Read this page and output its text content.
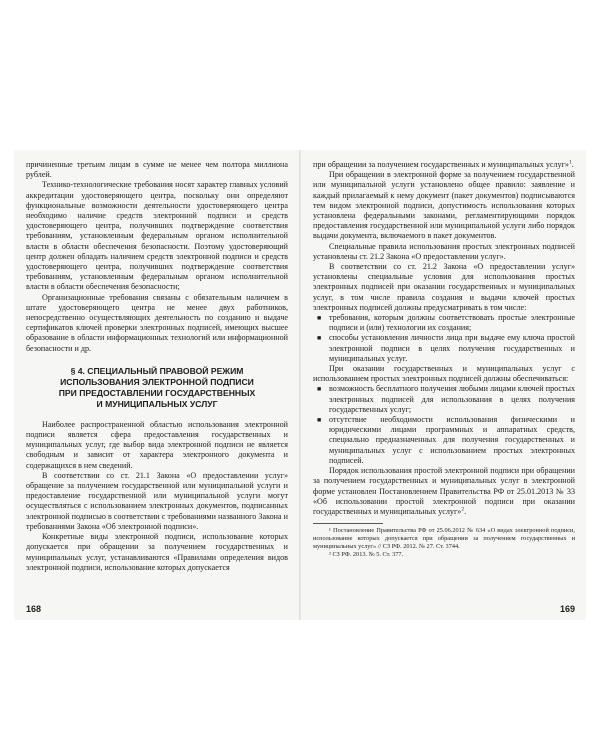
причиненные третьим лицам в сумме не менее чем полтора миллиона рублей.

Технико-технологические требования носят характер главных условий аккредитации удостоверяющего центра, поскольку они определяют функциональные возможности деятельности удостоверяющего центра необходимо наличие средств электронной подписи и средств удостоверяющего центра, получивших подтверждение соответствия требованиям, установленным федеральным органом исполнительной власти в области обеспечения безопасности. Поэтому удостоверяющий центр должен обладать наличием средств электронной подписи и средств удостоверяющего центра, получивших подтверждение соответствия требованиям, установленным федеральным органом исполнительной власти в области обеспечения безопасности;

Организационные требования связаны с обязательным наличием в штате удостоверяющего центра не менее двух работников, непосредственно осуществляющих деятельность по созданию и выдаче сертификатов ключей проверки электронных подписей, имеющих высшее образование в области информационных технологий или информационной безопасности и др.

§ 4. СПЕЦИАЛЬНЫЙ ПРАВОВОЙ РЕЖИМ
ИСПОЛЬЗОВАНИЯ ЭЛЕКТРОННОЙ ПОДПИСИ
ПРИ ПРЕДОСТАВЛЕНИИ ГОСУДАРСТВЕННЫХ
И МУНИЦИПАЛЬНЫХ УСЛУГ

Наиболее распространенной областью использования электронной подписи является сфера предоставления государственных и муниципальных услуг, где выбор вида электронной подписи не является свободным и зависит от характера электронного документа и содержащихся в нем сведений.

В соответствии со ст. 21.1 Закона «О предоставлении услуг» обращение за получением государственной или муниципальной услуги и предоставление государственной или муниципальной услуги могут осуществляться с использованием электронных документов, подписанных электронной подписью в соответствии с требованиями названного Закона и требованиями Закона «Об электронной подписи».

Конкретные виды электронной подписи, использование которых допускается при обращении за получением государственных и муниципальных услуг, устанавливаются «Правилами определения видов электронной подписи, использование которых допускается

при обращении за получением государственных и муниципальных услуг»$^1$.

При обращении в электронной форме за получением государственной или муниципальной услуги установлено общее правило: заявление и каждый прилагаемый к нему документ (пакет документов) подписываются тем видом электронной подписи, допустимость использования которых установлена федеральными законами, регламентирующими порядок предоставления государственной или муниципальной услуги либо порядок выдачи документа, включаемого в пакет документов.

Специальные правила использования простых электронных подписей установлены ст. 21.2 Закона «О предоставлении услуг».

В соответствии со ст. 21.2 Закона «О предоставлении услуг» установлены специальные условия для использования простых электронных подписей при оказании государственных и муниципальных услуг, в том числе правила создания и выдачи ключей простых электронных подписей должны предусматривать в том числе:

■ требования, которым должны соответствовать простые электронные подписи и (или) технологии их создания;
■ способы установления личности лица при выдаче ему ключа простой электронной подписи в целях получения государственных и муниципальных услуг.

При оказании государственных и муниципальных услуг с использованием простых электронных подписей должны обеспечиваться:

■ возможность бесплатного получения любыми лицами ключей простых электронных подписей для использования в целях получения государственных услуг;
■ отсутствие необходимости использования физическими и юридическими лицами программных и аппаратных средств, специально предназначенных для получения государственных и муниципальных услуг с использованием простых электронных подписей.

Порядок использования простой электронной подписи при обращении за получением государственных и муниципальных услуг в электронной форме установлен Постановлением Правительства РФ от 25.01.2013 № 33 «Об использовании простой электронной подписи при оказании государственных и муниципальных услуг»$^2$.

¹ Постановление Правительства РФ от 25.06.2012 № 634 «О видах электронной подписи, использование которых допускается при обращении за получением государственных и муниципальных услуг» // СЗ РФ. 2012. № 27. Ст. 3744.

² СЗ РФ. 2013. № 5. Ст. 377.

168	169
